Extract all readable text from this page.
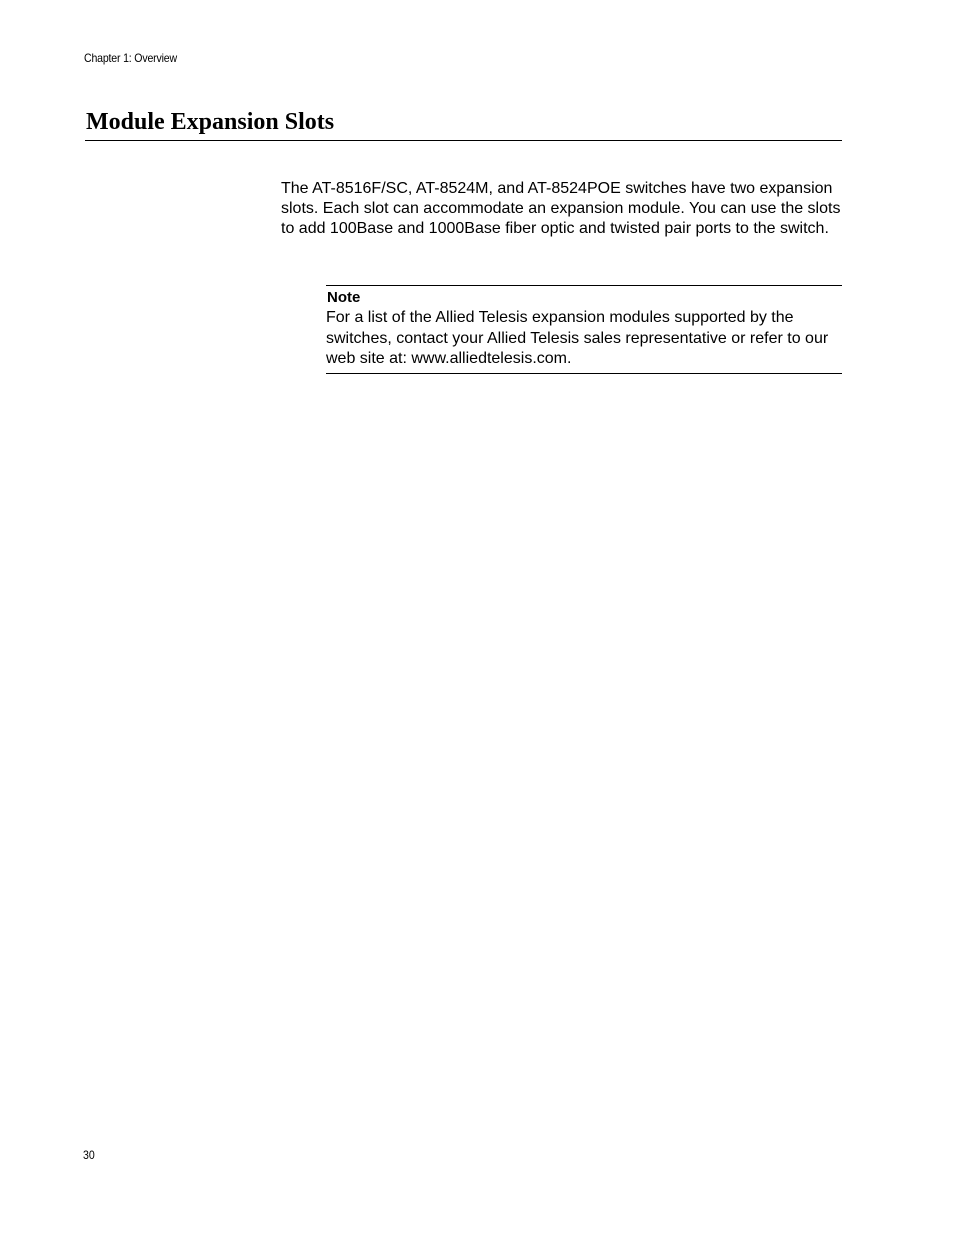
Chapter 1: Overview
Module Expansion Slots

The AT-8516F/SC, AT-8524M, and AT-8524POE switches have two expansion slots. Each slot can accommodate an expansion module. You can use the slots to add 100Base and 1000Base fiber optic and twisted pair ports to the switch.

Note

For a list of the Allied Telesis expansion modules supported by the switches, contact your Allied Telesis sales representative or refer to our web site at: www.alliedtelesis.com.

30
